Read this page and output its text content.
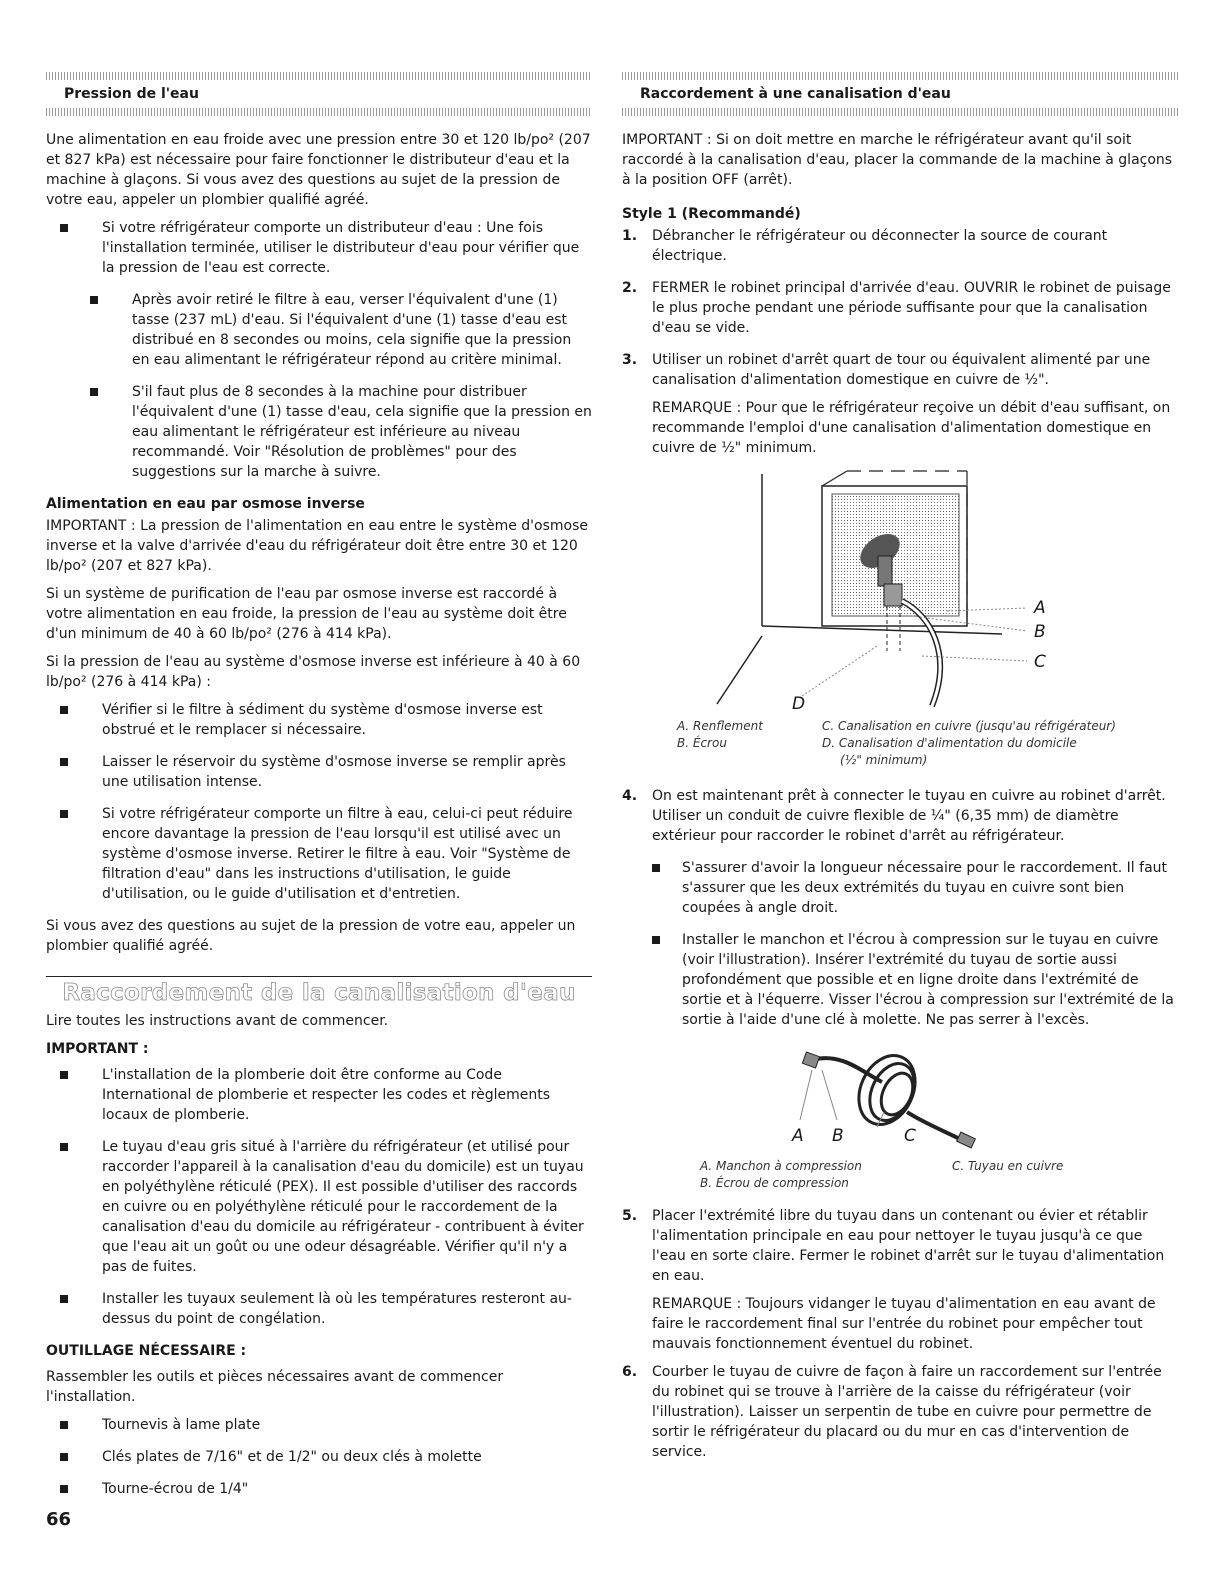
Pression de l'eau

Une alimentation en eau froide avec une pression entre 30 et 120 lb/po² (207 et 827 kPa) est nécessaire pour faire fonctionner le distributeur d'eau et la machine à glaçons. Si vous avez des questions au sujet de la pression de votre eau, appeler un plombier qualifié agréé.

Si votre réfrigérateur comporte un distributeur d'eau : Une fois l'installation terminée, utiliser le distributeur d'eau pour vérifier que la pression de l'eau est correcte.
Après avoir retiré le filtre à eau, verser l'équivalent d'une (1) tasse (237 mL) d'eau. Si l'équivalent d'une (1) tasse d'eau est distribué en 8 secondes ou moins, cela signifie que la pression en eau alimentant le réfrigérateur répond au critère minimal.
S'il faut plus de 8 secondes à la machine pour distribuer l'équivalent d'une (1) tasse d'eau, cela signifie que la pression en eau alimentant le réfrigérateur est inférieure au niveau recommandé. Voir "Résolution de problèmes" pour des suggestions sur la marche à suivre.
Alimentation en eau par osmose inverse

IMPORTANT : La pression de l'alimentation en eau entre le système d'osmose inverse et la valve d'arrivée d'eau du réfrigérateur doit être entre 30 et 120 lb/po² (207 et 827 kPa).

Si un système de purification de l'eau par osmose inverse est raccordé à votre alimentation en eau froide, la pression de l'eau au système doit être d'un minimum de 40 à 60 lb/po² (276 à 414 kPa).

Si la pression de l'eau au système d'osmose inverse est inférieure à 40 à 60 lb/po² (276 à 414 kPa) :

Vérifier si le filtre à sédiment du système d'osmose inverse est obstrué et le remplacer si nécessaire.
Laisser le réservoir du système d'osmose inverse se remplir après une utilisation intense.
Si votre réfrigérateur comporte un filtre à eau, celui-ci peut réduire encore davantage la pression de l'eau lorsqu'il est utilisé avec un système d'osmose inverse. Retirer le filtre à eau. Voir "Système de filtration d'eau" dans les instructions d'utilisation, le guide d'utilisation, ou le guide d'utilisation et d'entretien.

Si vous avez des questions au sujet de la pression de votre eau, appeler un plombier qualifié agréé.

Raccordement de la canalisation d'eau

Lire toutes les instructions avant de commencer.

IMPORTANT :

L'installation de la plomberie doit être conforme au Code International de plomberie et respecter les codes et règlements locaux de plomberie.
Le tuyau d'eau gris situé à l'arrière du réfrigérateur (et utilisé pour raccorder l'appareil à la canalisation d'eau du domicile) est un tuyau en polyéthylène réticulé (PEX). Il est possible d'utiliser des raccords en cuivre ou en polyéthylène réticulé pour le raccordement de la canalisation d'eau du domicile au réfrigérateur - contribuent à éviter que l'eau ait un goût ou une odeur désagréable. Vérifier qu'il n'y a pas de fuites.
Installer les tuyaux seulement là où les températures resteront au-dessus du point de congélation.

OUTILLAGE NÉCESSAIRE :

Rassembler les outils et pièces nécessaires avant de commencer l'installation.

Tournevis à lame plate
Clés plates de 7/16" et de 1/2" ou deux clés à molette
Tourne-écrou de 1/4"
Raccordement à une canalisation d'eau

IMPORTANT : Si on doit mettre en marche le réfrigérateur avant qu'il soit raccordé à la canalisation d'eau, placer la commande de la machine à glaçons à la position OFF (arrêt).

Style 1 (Recommandé)
1. Débrancher le réfrigérateur ou déconnecter la source de courant électrique.
2. FERMER le robinet principal d'arrivée d'eau. OUVRIR le robinet de puisage le plus proche pendant une période suffisante pour que la canalisation d'eau se vide.
3. Utiliser un robinet d'arrêt quart de tour ou équivalent alimenté par une canalisation d'alimentation domestique en cuivre de ½".

REMARQUE : Pour que le réfrigérateur reçoive un débit d'eau suffisant, on recommande l'emploi d'une canalisation d'alimentation domestique en cuivre de ½" minimum.

A
B
C
D
A. Renflement
B. Écrou
C. Canalisation en cuivre (jusqu'au réfrigérateur)
D. Canalisation d'alimentation du domicile
(½" minimum)
4. On est maintenant prêt à connecter le tuyau en cuivre au robinet d'arrêt. Utiliser un conduit de cuivre flexible de ¼" (6,35 mm) de diamètre extérieur pour raccorder le robinet d'arrêt au réfrigérateur.
S'assurer d'avoir la longueur nécessaire pour le raccordement. Il faut s'assurer que les deux extrémités du tuyau en cuivre sont bien coupées à angle droit.
Installer le manchon et l'écrou à compression sur le tuyau en cuivre (voir l'illustration). Insérer l'extrémité du tuyau de sortie aussi profondément que possible et en ligne droite dans l'extrémité de sortie et à l'équerre. Visser l'écrou à compression sur l'extrémité de la sortie à l'aide d'une clé à molette. Ne pas serrer à l'excès.
A B	C
A. Manchon à compression
B. Écrou de compression
C. Tuyau en cuivre
5. Placer l'extrémité libre du tuyau dans un contenant ou évier et rétablir l'alimentation principale en eau pour nettoyer le tuyau jusqu'à ce que l'eau en sorte claire. Fermer le robinet d'arrêt sur le tuyau d'alimentation en eau.

REMARQUE : Toujours vidanger le tuyau d'alimentation en eau avant de faire le raccordement final sur l'entrée du robinet pour empêcher tout mauvais fonctionnement éventuel du robinet.

6. Courber le tuyau de cuivre de façon à faire un raccordement sur l'entrée du robinet qui se trouve à l'arrière de la caisse du réfrigérateur (voir l'illustration). Laisser un serpentin de tube en cuivre pour permettre de sortir le réfrigérateur du placard ou du mur en cas d'intervention de service.
66
